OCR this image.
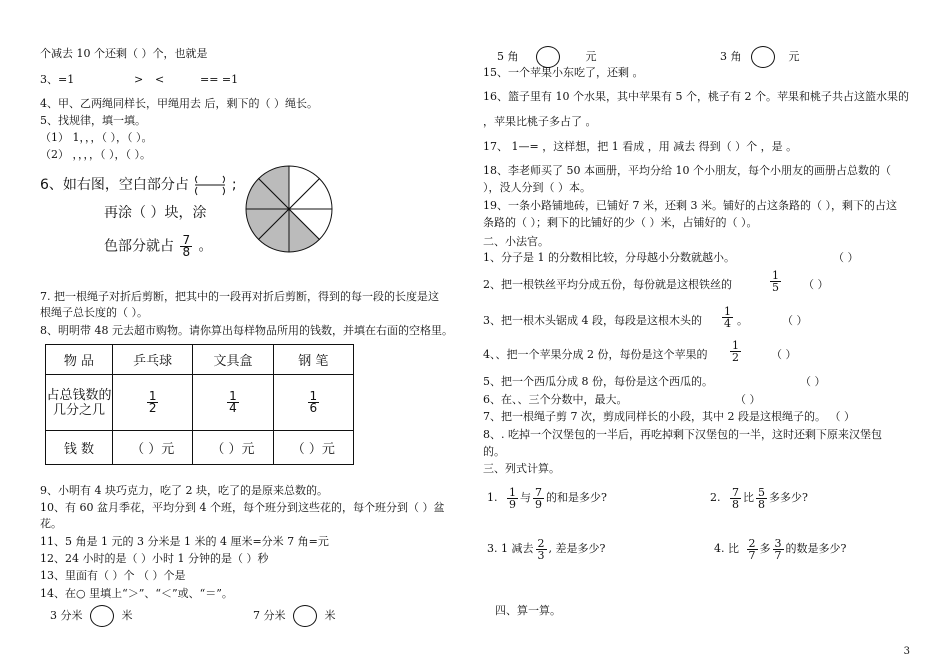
个减去 10 个还剩（ ）个，也就是
3、=1	> <	== =1
4、甲、乙两绳同样长，甲绳用去 后，剩下的（ ）绳长。
5、找规律，填一填。
（1） 1，，，（ ），（ ）。
（2） ，，，，（ ），（ ）。
6、如右图，空白部分占	;
再涂（ ）块，涂
色部分就占 $\frac{7}{8}$ 。
7. 把一根绳子对折后剪断，把其中的一段再对折后剪断，得到的每一段的长度是这
根绳子总长度的（ ）。
8、明明带 48 元去超市购物。请你算出每样物品所用的钱数，并填在右面的空格里。
物 品	乒乓球	文具盒	钢 笔
占总钱数的
几分之几	$\frac{1}{2}$	$\frac{1}{4}$	$\frac{1}{6}$

钱 数	（ ）元	（ ）元	（ ）元
9、小明有 4 块巧克力，吃了 2 块，吃了的是原来总数的。
10、有 60 盆月季花，平均分到 4 个班，每个班分到这些花的，每个班分到（ ）盆
花。
11、5 角是 1 元的 3 分米是 1 米的 4 厘米=分米 7 角=元
12、24 小时的是（ ）小时 1 分钟的是（ ）秒
13、里面有（ ）个 （ ）个是
14、在○ 里填上“＞”、“＜”或、“＝”。
3 分米	米	7 分米	米
5 角	元	3 角	元
15、一个苹果小东吃了，还剩 。
16、篮子里有 10 个水果，其中苹果有 5 个，桃子有 2 个。苹果和桃子共占这篮水果的
，苹果比桃子多占了 。
17、 1—= ，这样想，把 1 看成 ，用 减去 得到（ ）个 ，是 。
18、李老师买了 50 本画册，平均分给 10 个小朋友，每个小朋友的画册占总数的（
），没人分到（ ）本。
19、一条小路铺地砖，已铺好 7 米，还剩 3 米。铺好的占这条路的（ ），剩下的占这
条路的（ ）；剩下的比铺好的少（ ）米，占铺好的（ ）。
二、小法官。
1、分子是 1 的分数相比较，分母越小分数就越小。	（ ）
2、把一根铁丝平均分成五份，每份就是这根铁丝的	$\frac{1}{5}$ （ ）
3、把一根木头锯成 4 段，每段是这根木头的 $\frac{1}{4}$ 。	（ ）
4、、把一个苹果分成 2 份，每份是这个苹果的 $\frac{1}{2}$	（ ）
5、把一个西瓜分成 8 份，每份是这个西瓜的。	（ ）
6、在、、三个分数中，最大。	（ ）
7、把一根绳子剪 7 次，剪成同样长的小段，其中 2 段是这根绳子的。 （ ）
8、. 吃掉一个汉堡包的一半后，再吃掉剩下汉堡包的一半，这时还剩下原来汉堡包
的。
三、列式计算。
1. $\frac{1}{9}$ 与 $\frac{7}{9}$ 的和是多少?	2. $\frac{7}{8}$ 比 $\frac{5}{8}$ 多多少?
3. 1 减去 $\frac{2}{3}$ , 差是多少?	4. 比 $\frac{2}{7}$ 多 $\frac{3}{7}$ 的数是多少?
四、算一算。
3
